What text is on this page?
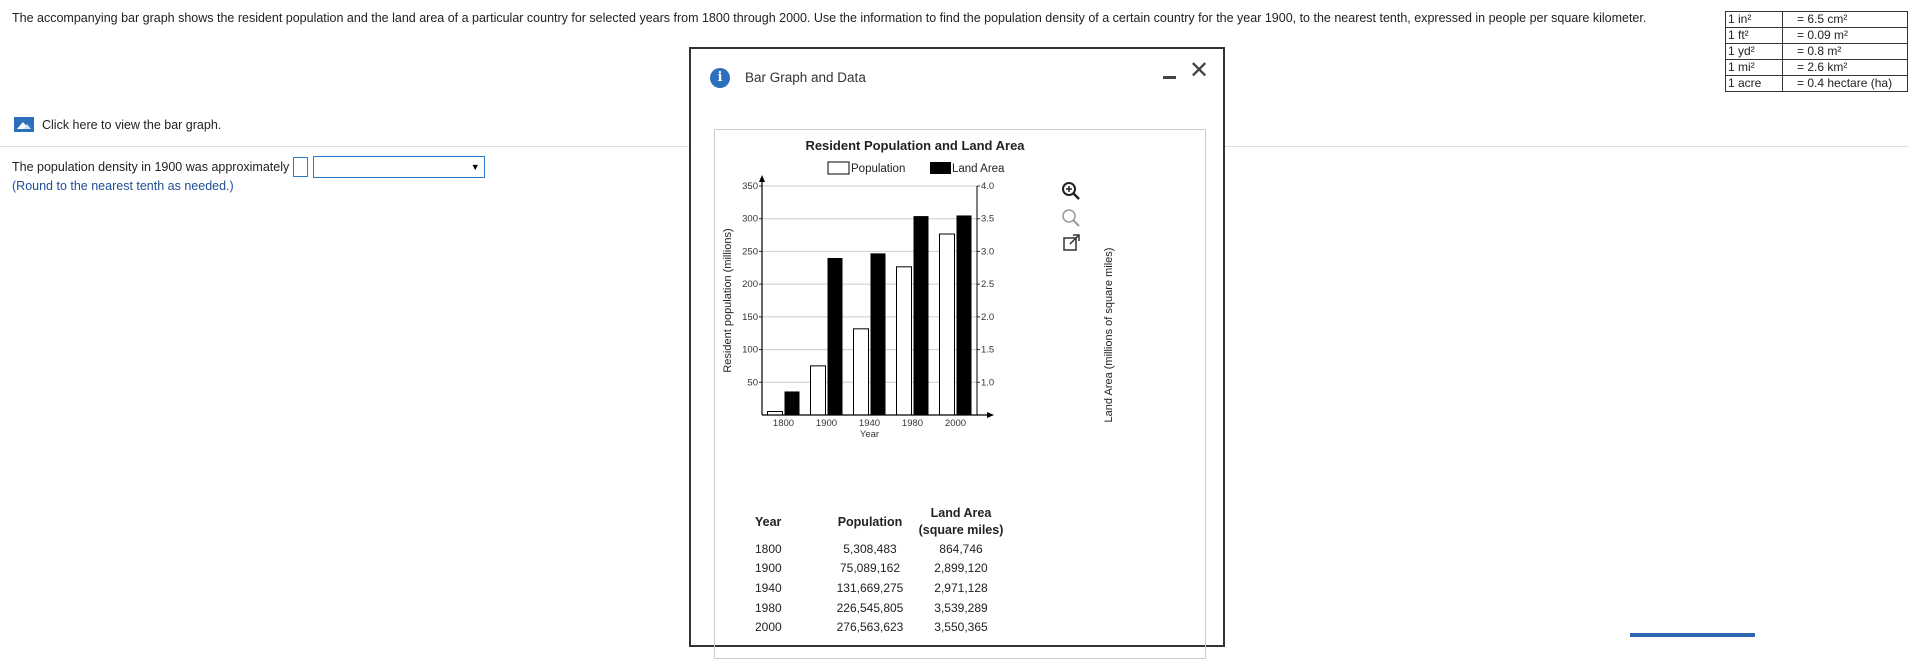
The accompanying bar graph shows the resident population and the land area of a particular country for selected years from 1800 through 2000. Use the information to find the population density of a certain country for the year 1900, to the nearest tenth, expressed in people per square kilometer.	1 in²	= 6.5 cm²
1 ft²	= 0.09 m²
1 yd²	= 0.8 m²
1 mi²	= 2.6 km²
1 acre	= 0.4 hectare (ha)
Click here to view the bar graph.
The population density in 1900 was approximately	▼
(Round to the nearest tenth as needed.)
i	Bar Graph and Data	✕
Resident Population and Land Area
Population	Land Area
50
100
150
200
250
300
350
1.0
1.5
2.0
2.5
3.0
3.5
4.0
1800 1900 1940 1980 2000
Year
Resident population (millions)	Land Area (millions of square miles)
Year	Population	Land Area
(square miles)

1800	5,308,483	864,746
1900	75,089,162	2,899,120
1940	131,669,275	2,971,128
1980	226,545,805	3,539,289
2000	276,563,623	3,550,365
